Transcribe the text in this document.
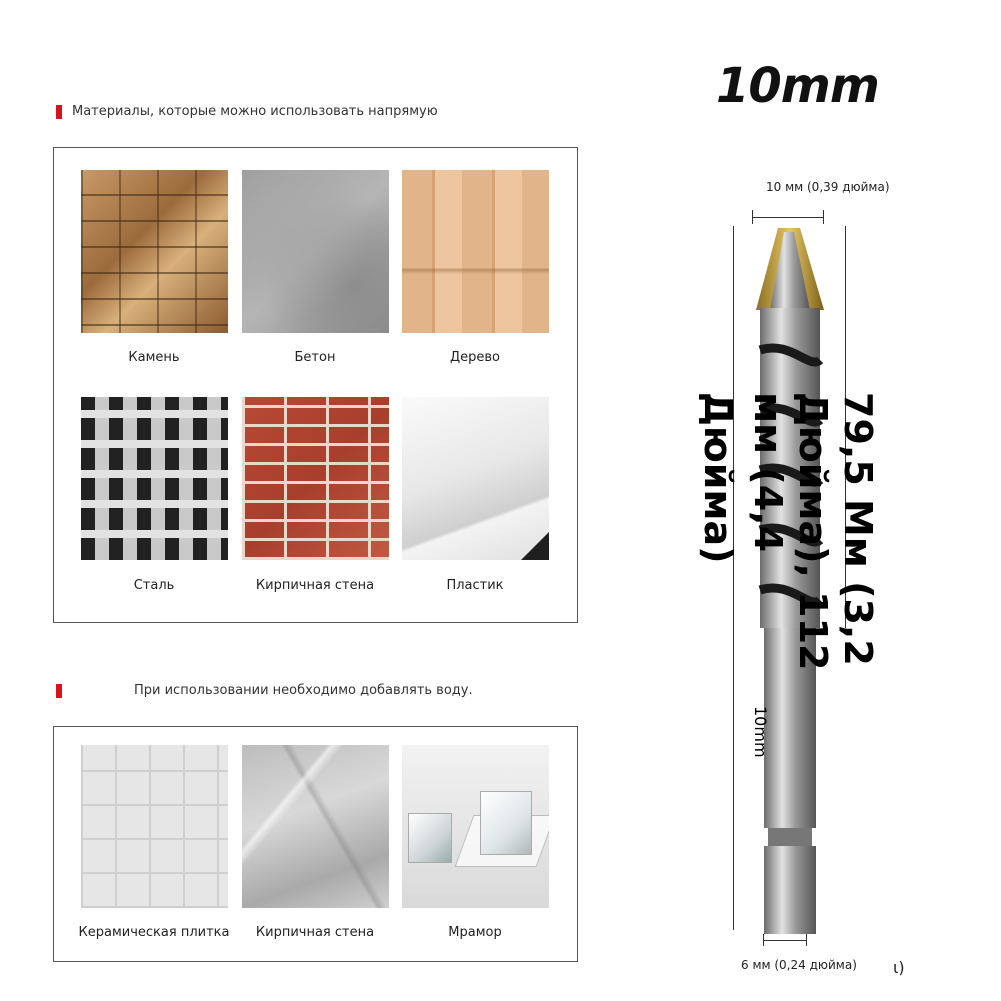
Материалы, которые можно использовать напрямую
Камень	Бетон	Дерево
Сталь	Кирпичная стена	Пластик
При использовании необходимо добавлять воду.
Керамическая плитка	Кирпичная стена	Мрамор
10mm
10 мм (0,39 дюйма)
10mm
79,5 Мм (3,2
Дюйма), 112
мм (4,4
Дюйма)
6 мм (0,24 дюйма) ι)
